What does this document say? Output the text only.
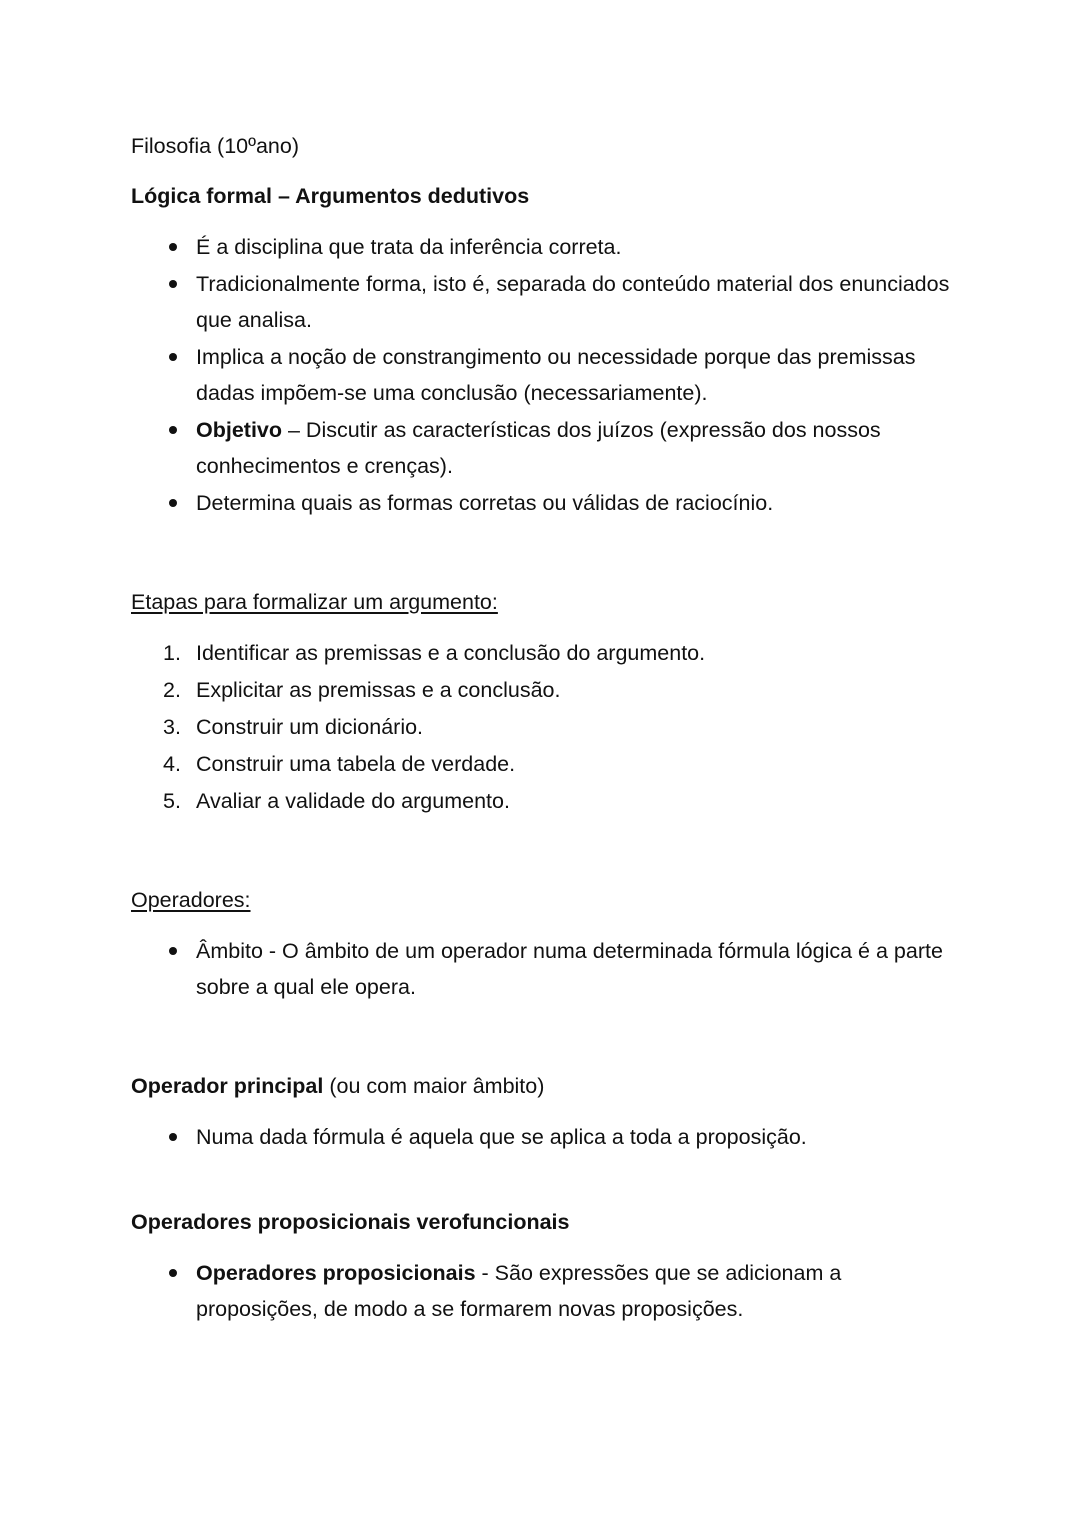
Filosofia (10ºano)

Lógica formal – Argumentos dedutivos

É a disciplina que trata da inferência correta.
Tradicionalmente forma, isto é, separada do conteúdo material dos enunciados que analisa.
Implica a noção de constrangimento ou necessidade porque das premissas dadas impõem-se uma conclusão (necessariamente).
Objetivo – Discutir as características dos juízos (expressão dos nossos conhecimentos e crenças).
Determina quais as formas corretas ou válidas de raciocínio.

Etapas para formalizar um argumento:

1. Identificar as premissas e a conclusão do argumento.
2. Explicitar as premissas e a conclusão.
3. Construir um dicionário.
4. Construir uma tabela de verdade.
5. Avaliar a validade do argumento.

Operadores:

Âmbito - O âmbito de um operador numa determinada fórmula lógica é a parte sobre a qual ele opera.

Operador principal (ou com maior âmbito)

Numa dada fórmula é aquela que se aplica a toda a proposição.

Operadores proposicionais verofuncionais

Operadores proposicionais - São expressões que se adicionam a proposições, de modo a se formarem novas proposições.
